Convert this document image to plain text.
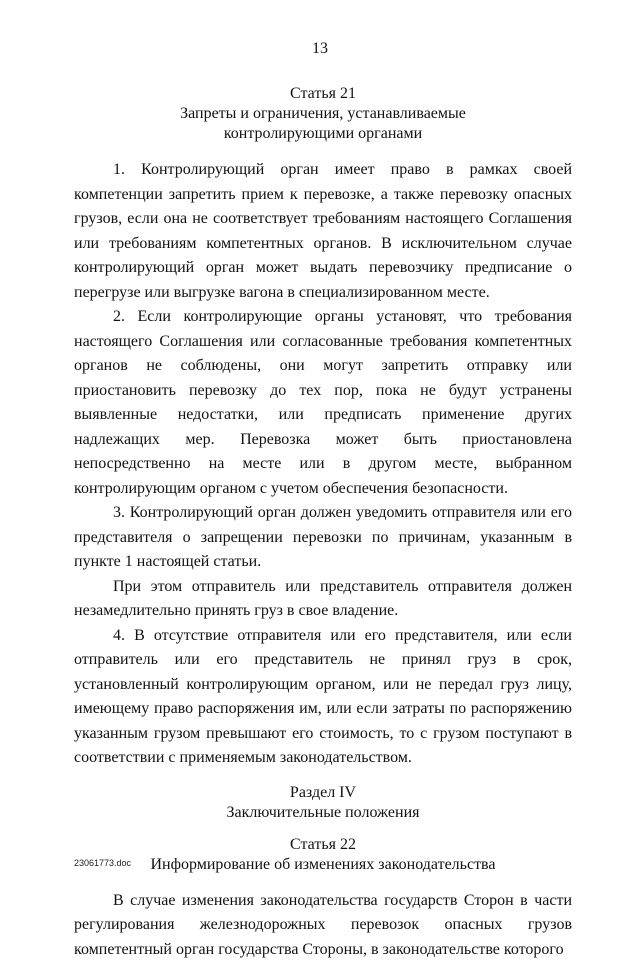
13
Статья 21
Запреты и ограничения, устанавливаемые
контролирующими органами

1. Контролирующий орган имеет право в рамках своей компетенции запретить прием к перевозке, а также перевозку опасных грузов, если она не соответствует требованиям настоящего Соглашения или требованиям компетентных органов. В исключительном случае контролирующий орган может выдать перевозчику предписание о перегрузе или выгрузке вагона в специализированном месте.

2. Если контролирующие органы установят, что требования настоящего Соглашения или согласованные требования компетентных органов не соблюдены, они могут запретить отправку или приостановить перевозку до тех пор, пока не будут устранены выявленные недостатки, или предписать применение других надлежащих мер. Перевозка может быть приостановлена непосредственно на месте или в другом месте, выбранном контролирующим органом с учетом обеспечения безопасности.

3. Контролирующий орган должен уведомить отправителя или его представителя о запрещении перевозки по причинам, указанным в пункте 1 настоящей статьи.

При этом отправитель или представитель отправителя должен незамедлительно принять груз в свое владение.

4. В отсутствие отправителя или его представителя, или если отправитель или его представитель не принял груз в срок, установленный контролирующим органом, или не передал груз лицу, имеющему право распоряжения им, или если затраты по распоряжению указанным грузом превышают его стоимость, то с грузом поступают в соответствии с применяемым законодательством.

Раздел IV
Заключительные положения
Статья 22
Информирование об изменениях законодательства

В случае изменения законодательства государств Сторон в части регулирования железнодорожных перевозок опасных грузов компетентный орган государства Стороны, в законодательстве которого

23061773.doc
